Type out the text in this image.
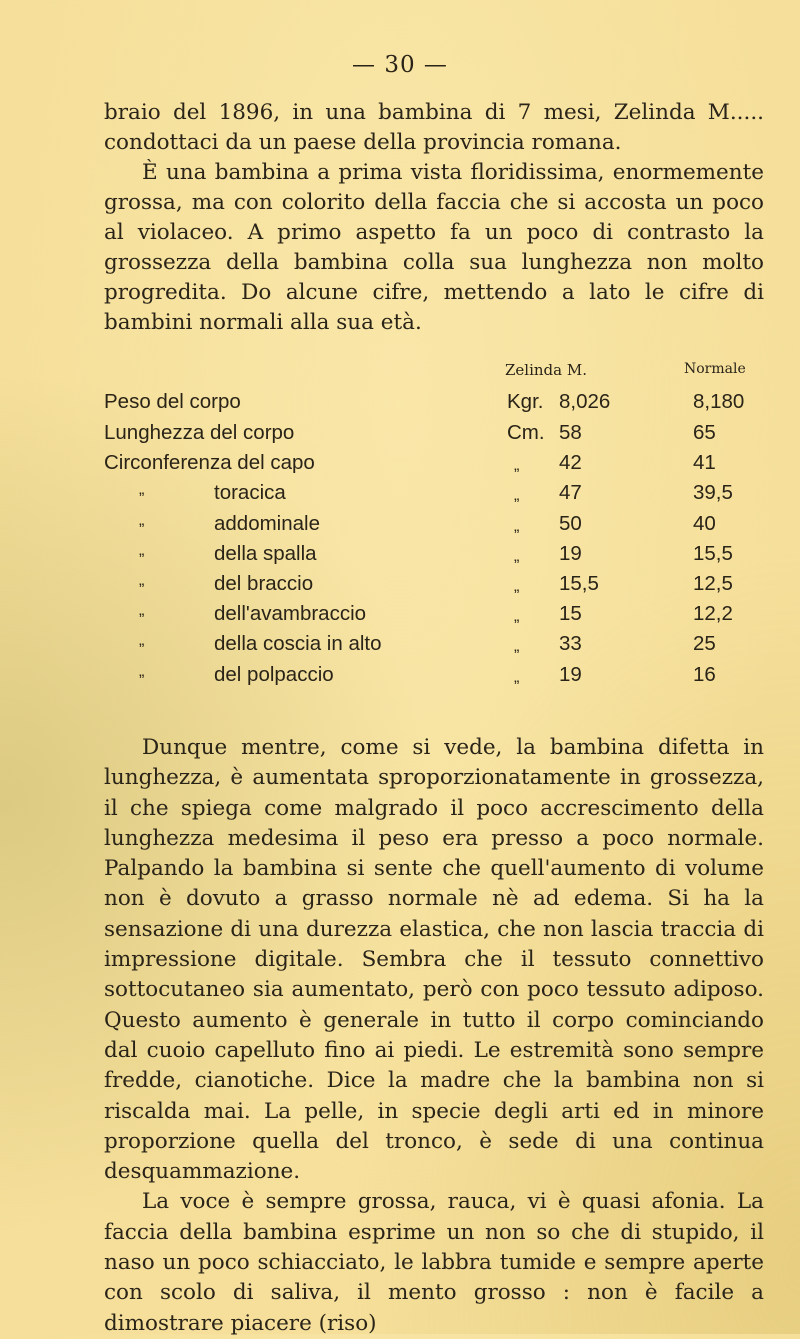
— 30 —

braio del 1896, in una bambina di 7 mesi, Zelinda M..... condottaci da un paese della provincia romana.

È una bambina a prima vista floridissima, enormemente grossa, ma con colorito della faccia che si accosta un poco al violaceo. A primo aspetto fa un poco di contrasto la grossezza della bambina colla sua lunghezza non molto progredita. Do alcune cifre, mettendo a lato le cifre di bambini normali alla sua età.

Zelinda M.	Normale
Peso del corpo	Kgr. 8,026	8,180
Lunghezza del corpo	Cm. 58	65
Circonferenza del capo	„ 42	41
„	toracica	„ 47	39,5
„	addominale	„ 50	40
„	della spalla	„ 19	15,5
„	del braccio	„ 15,5	12,5
„	dell'avambraccio	„ 15	12,2
„	della coscia in alto	„ 33	25
„	del polpaccio	„ 19	16

Dunque mentre, come si vede, la bambina difetta in lunghezza, è aumentata sproporzionatamente in grossezza, il che spiega come malgrado il poco accrescimento della lunghezza medesima il peso era presso a poco normale. Palpando la bambina si sente che quell'aumento di volume non è dovuto a grasso normale nè ad edema. Si ha la sensazione di una durezza elastica, che non lascia traccia di impressione digitale. Sembra che il tessuto connettivo sottocutaneo sia aumentato, però con poco tessuto adiposo. Questo aumento è generale in tutto il corpo cominciando dal cuoio capelluto fino ai piedi. Le estremità sono sempre fredde, cianotiche. Dice la madre che la bambina non si riscalda mai. La pelle, in specie degli arti ed in minore proporzione quella del tronco, è sede di una continua desquammazione.

La voce è sempre grossa, rauca, vi è quasi afonia. La faccia della bambina esprime un non so che di stupido, il naso un poco schiacciato, le labbra tumide e sempre aperte con scolo di saliva, il mento grosso : non è facile a dimostrare piacere (riso)
